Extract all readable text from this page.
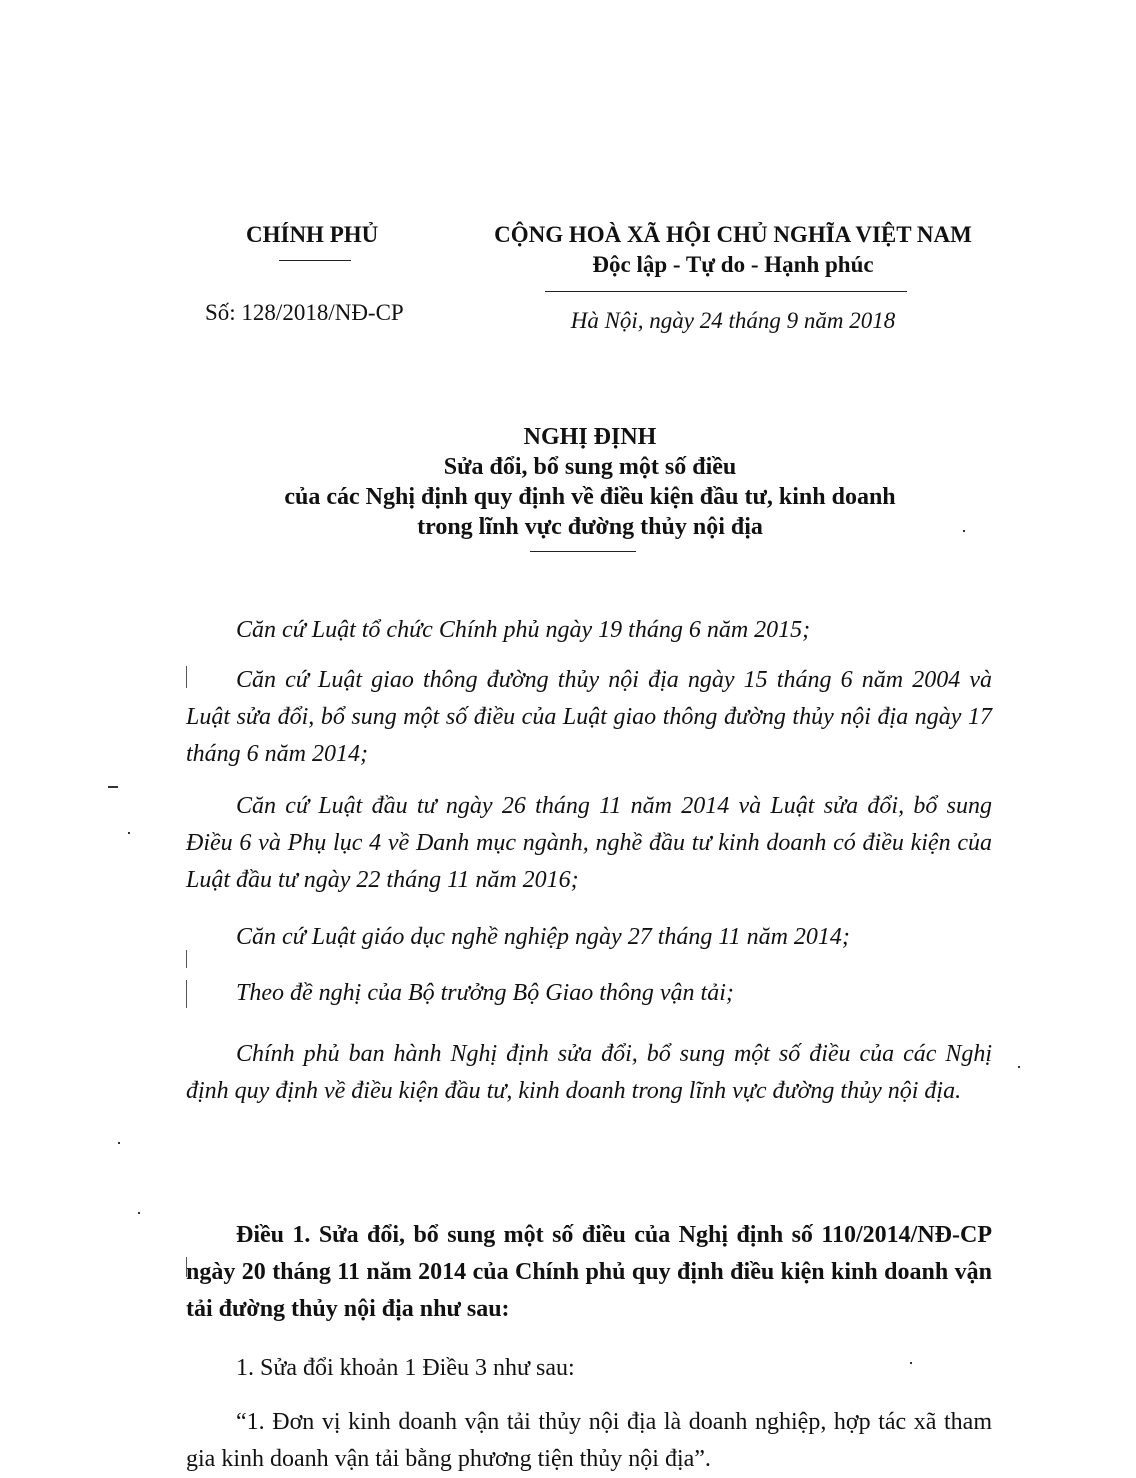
CHÍNH PHỦ
Số: 128/2018/NĐ-CP
CỘNG HOÀ XÃ HỘI CHỦ NGHĨA VIỆT NAM
Độc lập - Tự do - Hạnh phúc
Hà Nội, ngày 24 tháng 9 năm 2018
NGHỊ ĐỊNH
Sửa đổi, bổ sung một số điều
của các Nghị định quy định về điều kiện đầu tư, kinh doanh
trong lĩnh vực đường thủy nội địa
Căn cứ Luật tổ chức Chính phủ ngày 19 tháng 6 năm 2015;
Căn cứ Luật giao thông đường thủy nội địa ngày 15 tháng 6 năm 2004 và Luật sửa đổi, bổ sung một số điều của Luật giao thông đường thủy nội địa ngày 17 tháng 6 năm 2014;
Căn cứ Luật đầu tư ngày 26 tháng 11 năm 2014 và Luật sửa đổi, bổ sung Điều 6 và Phụ lục 4 về Danh mục ngành, nghề đầu tư kinh doanh có điều kiện của Luật đầu tư ngày 22 tháng 11 năm 2016;
Căn cứ Luật giáo dục nghề nghiệp ngày 27 tháng 11 năm 2014;
Theo đề nghị của Bộ trưởng Bộ Giao thông vận tải;
Chính phủ ban hành Nghị định sửa đổi, bổ sung một số điều của các Nghị định quy định về điều kiện đầu tư, kinh doanh trong lĩnh vực đường thủy nội địa.
Điều 1. Sửa đổi, bổ sung một số điều của Nghị định số 110/2014/NĐ-CP ngày 20 tháng 11 năm 2014 của Chính phủ quy định điều kiện kinh doanh vận tải đường thủy nội địa như sau:
1. Sửa đổi khoản 1 Điều 3 như sau:
“1. Đơn vị kinh doanh vận tải thủy nội địa là doanh nghiệp, hợp tác xã tham gia kinh doanh vận tải bằng phương tiện thủy nội địa”.
